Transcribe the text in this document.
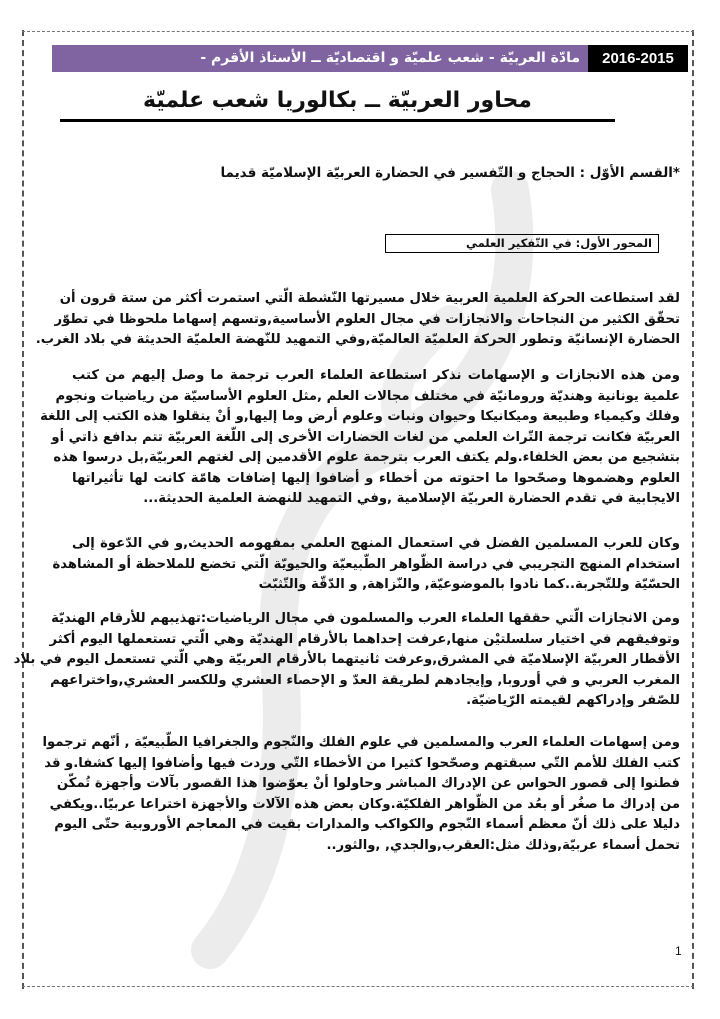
مادّة العربيّة - شعب علميّة و اقتصاديّة ــ الأستاذ الأقرم -	2016-2015
محاور العربيّة ــ بكالوريا شعب علميّة
*القسم الأوّل : الحجاج و التّفسير في الحضارة العربيّة الإسلاميّة قديما
المحور الأول: في التّفكير العلمي
لقد استطاعت الحركة العلمية العربية خلال مسيرتها النّشطة الّتي استمرت أكثر من ستة قرون أن
تحقّق الكثير من النجاحات والانجازات في مجال العلوم الأساسية,وتسهم إسهاما ملحوظا في تطوّر
الحضارة الإنسانيّة وتطور الحركة العلميّة العالميّة,وفي التمهيد للنّهضة العلميّة الحديثة في بلاد الغرب.
ومن هذه الانجازات و الإسهامات نذكر استطاعة العلماء العرب ترجمة ما وصل إليهم من كتب
علمية يونانية وهنديّة ورومانيّة في مختلف مجالات العلم ,مثل العلوم الأساسيّة من رياضيات ونجوم
وفلك وكيمياء وطبيعة وميكانيكا وحيوان ونبات وعلوم أرض وما إليها,و أنْ ينقلوا هذه الكتب إلى اللغة
العربيّة فكانت ترجمة التّراث العلمي من لغات الحضارات الأخرى إلى اللّغة العربيّة تتم بدافع ذاتي أو
بتشجيع من بعض الخلفاء.ولم يكتف العرب بترجمة علوم الأقدمين إلى لغتهم العربيّة,بل درسوا هذه
العلوم وهضموها وصحّحوا ما احتوته من أخطاء و أضافوا إليها إضافات هامّة كانت لها تأثيراتها
الايجابية في تقدم الحضارة العربيّة الإسلامية ,وفي التمهيد للنهضة العلمية الحديثة...
وكان للعرب المسلمين الفضل في استعمال المنهج العلمي بمفهومه الحديث,و في الدّعوة إلى
استخدام المنهج التجريبي في دراسة الظّواهر الطّبيعيّة والحيويّة الّتي تخضع للملاحظة أو المشاهدة
الحسّيّة وللتّجربة..كما نادوا بالموضوعيّة, والنّزاهة, و الدّقّة والتّثبّت
ومن الانجازات الّتي حققها العلماء العرب والمسلمون في مجال الرياضيات:تهذيبهم للأرقام الهنديّة
وتوفيقهم في اختيار سلسلتيْن منها,عرفت إحداهما بالأرقام الهنديّة وهي الّتي تستعملها اليوم أكثر
الأقطار العربيّة الإسلاميّة في المشرق,وعرفت ثانيتهما بالأرقام العربيّة وهي الّتي تستعمل اليوم في بلاد
المغرب العربي و في أوروبا, وإيجادهم لطريقة العدّ و الإحصاء العشري وللكسر العشري,واختراعهم
للصّفر وإدراكهم لقيمته الرّياضيّة.
ومن إسهامات العلماء العرب والمسلمين في علوم الفلك والنّجوم والجغرافيا الطّبيعيّة , أنّهم ترجموا
كتب الفلك للأمم التّي سبقتهم وصحّحوا كثيرا من الأخطاء التّي وردت فيها وأضافوا إليها كشفا.و قد
فطنوا إلى قصور الحواس عن الإدراك المباشر وحاولوا أنْ يعوّضوا هذا القصور بآلات وأجهزة تُمكّن
من إدراك ما صغُر أو بعُد من الظّواهر الفلكيّة.وكان بعض هذه الآلات والأجهزة اختراعا عربيّا..ويكفي
دليلا على ذلك أنّ معظم أسماء النّجوم والكواكب والمدارات بقيت في المعاجم الأوروبية حتّى اليوم
تحمل أسماء عربيّة,وذلك مثل:العقرب,والجدي, ,والثور..
1
